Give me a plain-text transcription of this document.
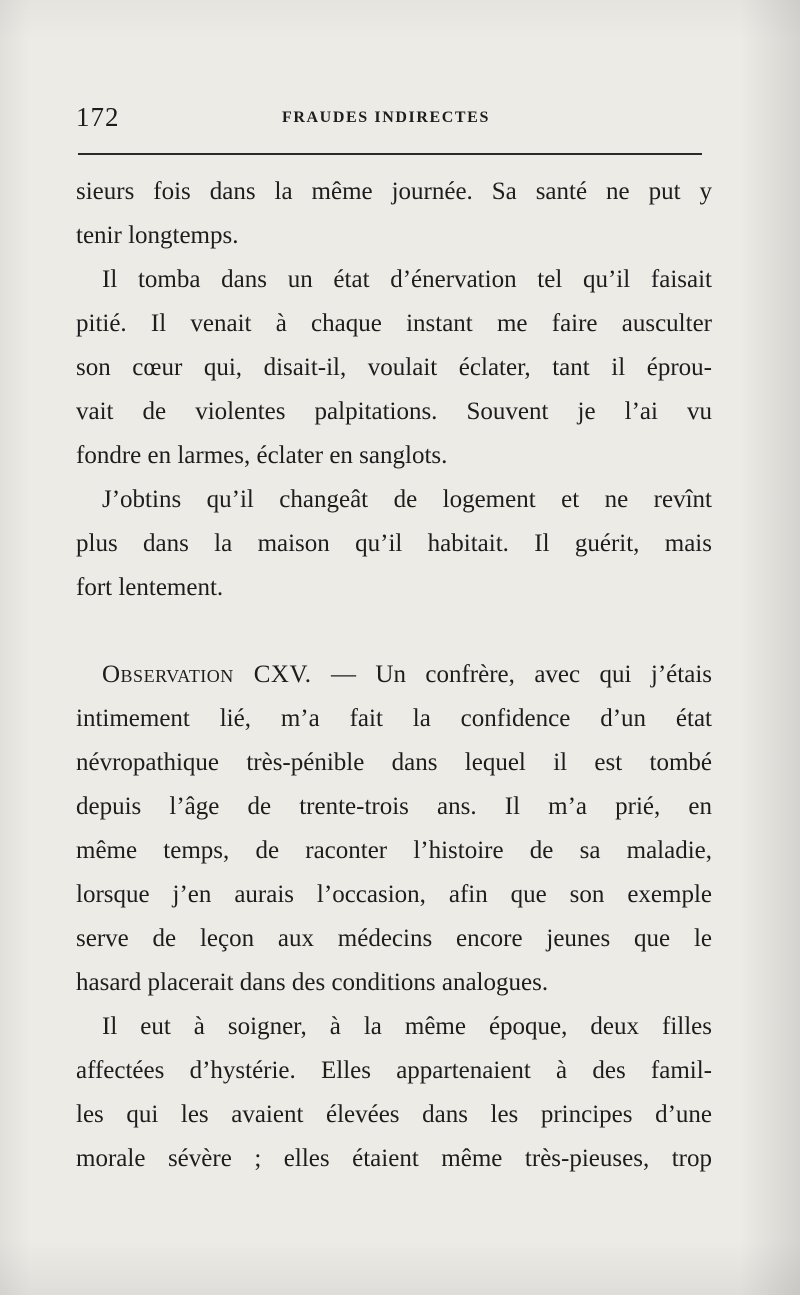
172	FRAUDES INDIRECTES
sieurs fois dans la même journée. Sa santé ne put y
tenir longtemps.
Il tomba dans un état d’énervation tel qu’il faisait
pitié. Il venait à chaque instant me faire ausculter
son cœur qui, disait-il, voulait éclater, tant il éprou-
vait de violentes palpitations. Souvent je l’ai vu
fondre en larmes, éclater en sanglots.
J’obtins qu’il changeât de logement et ne revînt
plus dans la maison qu’il habitait. Il guérit, mais
fort lentement.
Observation CXV. — Un confrère, avec qui j’étais
intimement lié, m’a fait la confidence d’un état
névropathique très-pénible dans lequel il est tombé
depuis l’âge de trente-trois ans. Il m’a prié, en
même temps, de raconter l’histoire de sa maladie,
lorsque j’en aurais l’occasion, afin que son exemple
serve de leçon aux médecins encore jeunes que le
hasard placerait dans des conditions analogues.
Il eut à soigner, à la même époque, deux filles
affectées d’hystérie. Elles appartenaient à des famil-
les qui les avaient élevées dans les principes d’une
morale sévère ; elles étaient même très-pieuses, trop
